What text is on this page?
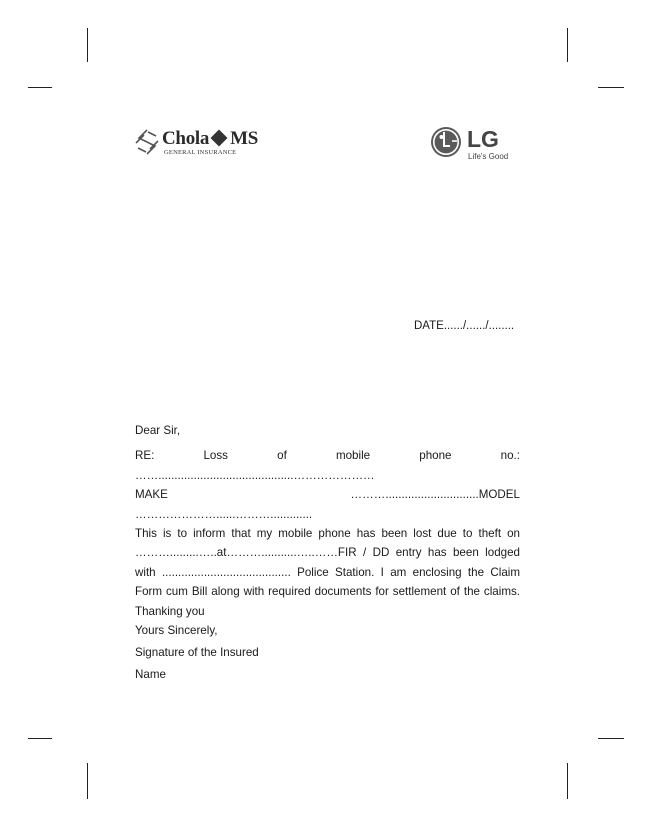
Chola MS
GENERAL INSURANCE
LG
Life's Good
DATE....../....../........
Dear Sir,
RE: Loss of mobile phone no.: ……..........................................…………………
MAKE ……….............................MODEL …………………......……….............
This is to inform that my mobile phone has been lost due to theft on
……….........…..at………...........…..……FIR / DD entry has been lodged
with ........................................ Police Station. I am enclosing the Claim
Form cum Bill along with required documents for settlement of the claims.
Thanking you
Yours Sincerely,
Signature of the Insured
Name
